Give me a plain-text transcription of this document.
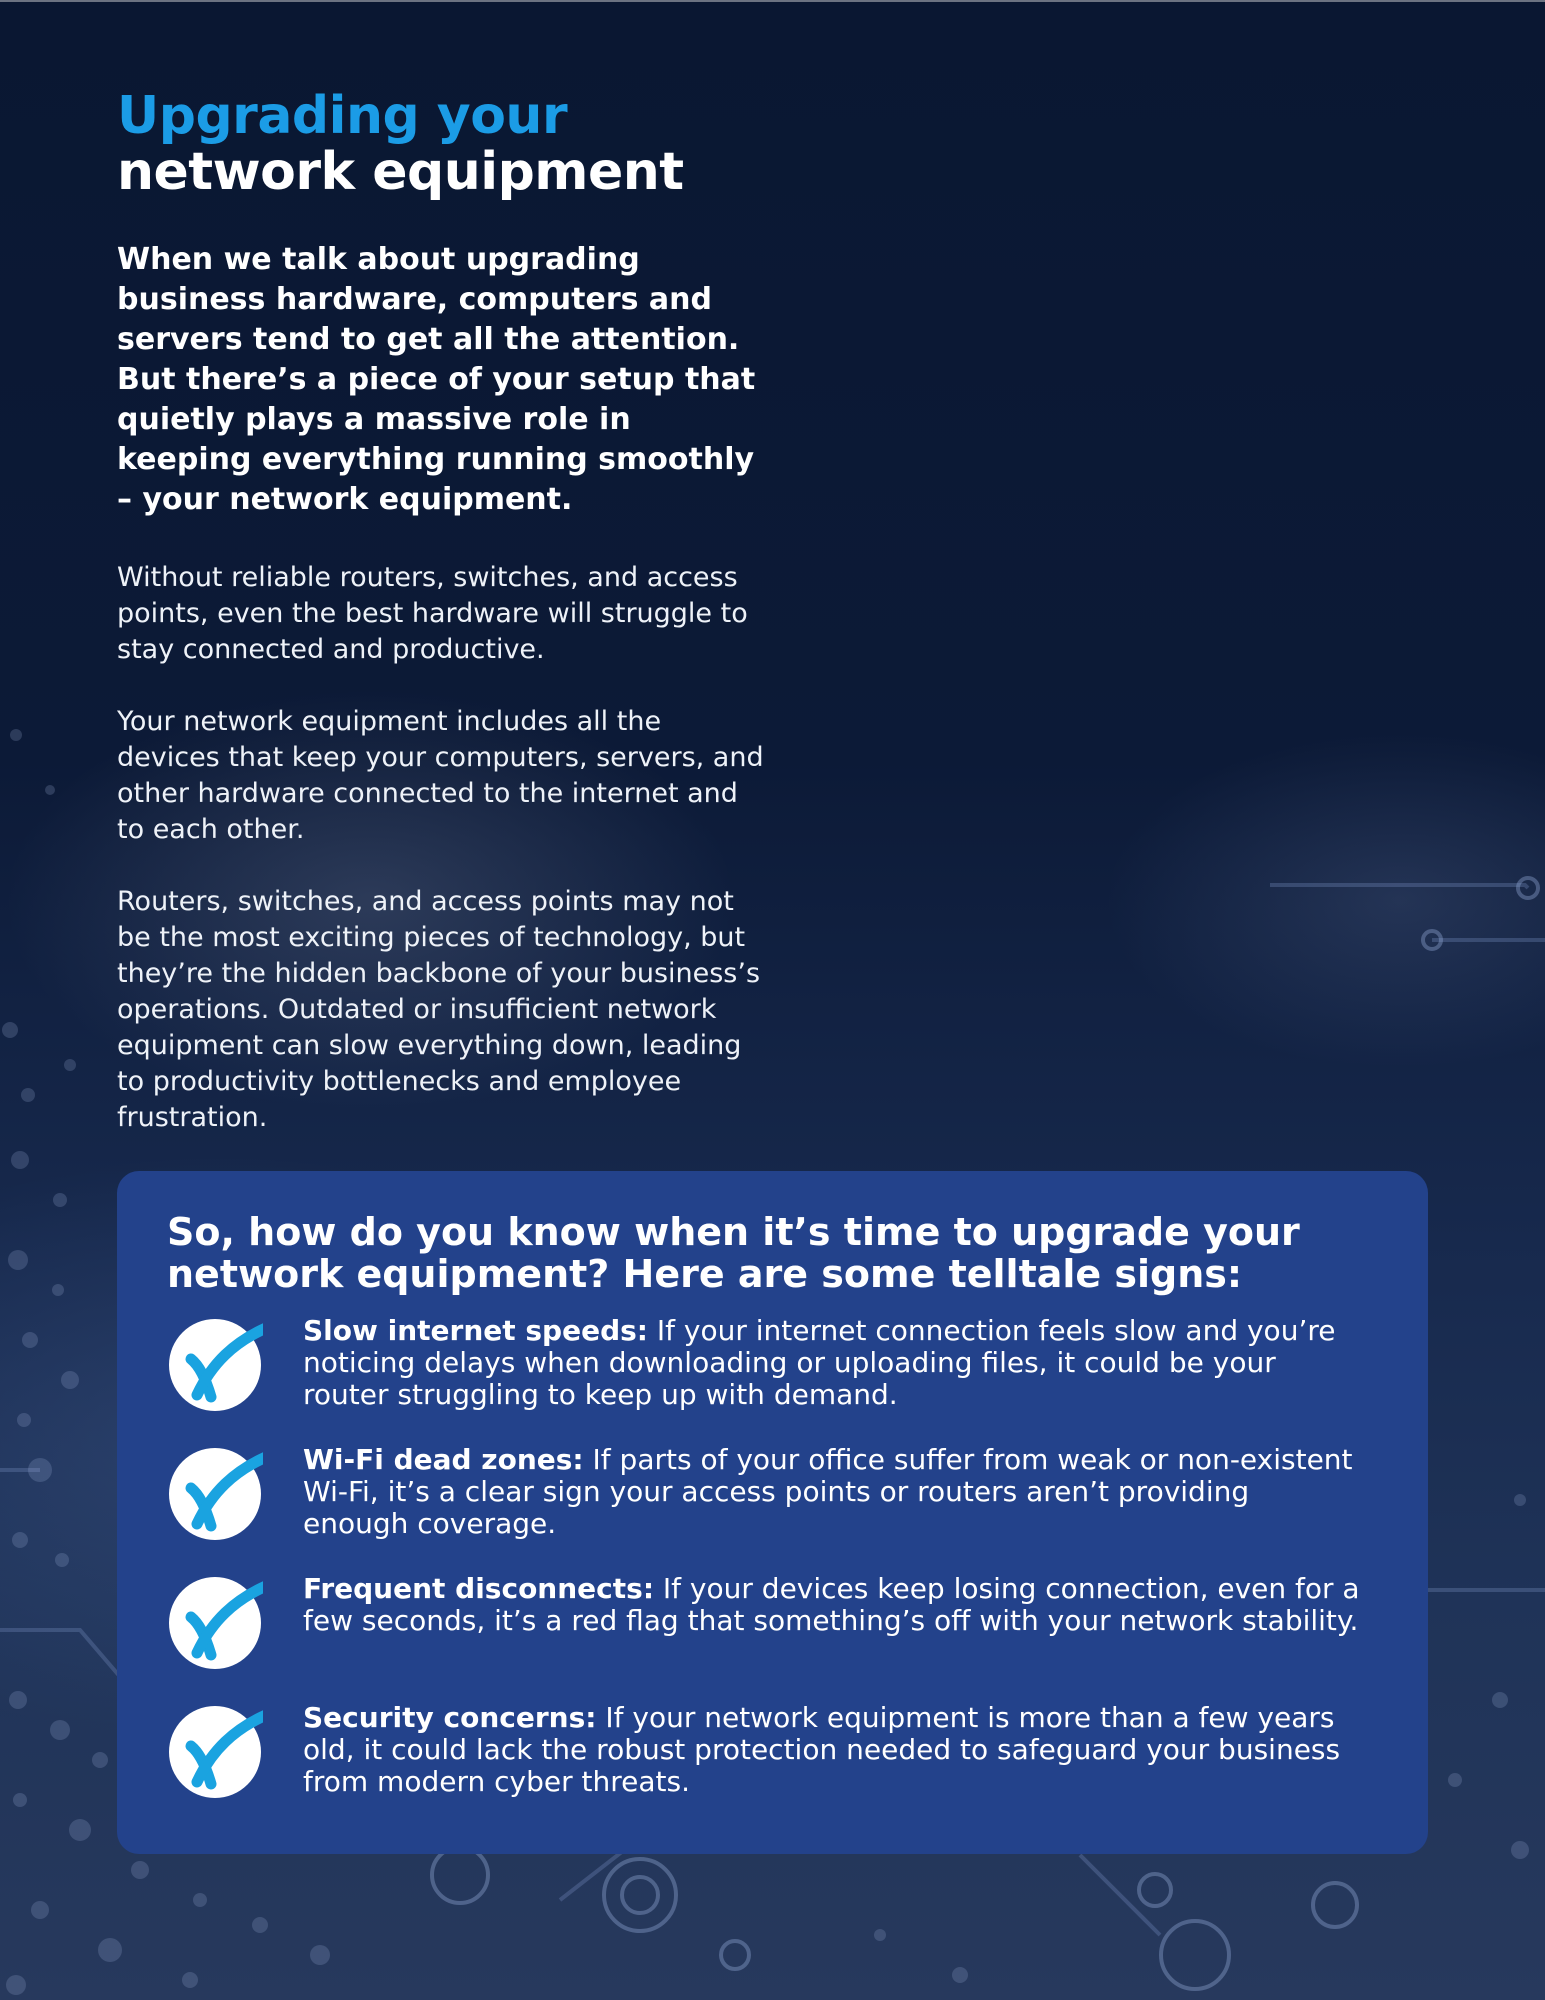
Upgrading your
network equipment

When we talk about upgrading business hardware, computers and servers tend to get all the attention. But there’s a piece of your setup that quietly plays a massive role in keeping everything running smoothly – your network equipment.

Without reliable routers, switches, and access points, even the best hardware will struggle to stay connected and productive.

Your network equipment includes all the devices that keep your computers, servers, and other hardware connected to the internet and to each other.

Routers, switches, and access points may not be the most exciting pieces of technology, but they’re the hidden backbone of your business’s operations. Outdated or insufficient network equipment can slow everything down, leading to productivity bottlenecks and employee frustration.

So, how do you know when it’s time to upgrade your network equipment? Here are some telltale signs:

Slow internet speeds: If your internet connection feels slow and you’re noticing delays when downloading or uploading files, it could be your router struggling to keep up with demand.

Wi-Fi dead zones: If parts of your office suffer from weak or non-existent Wi-Fi, it’s a clear sign your access points or routers aren’t providing enough coverage.

Frequent disconnects: If your devices keep losing connection, even for a few seconds, it’s a red flag that something’s off with your network stability.

Security concerns: If your network equipment is more than a few years old, it could lack the robust protection needed to safeguard your business from modern cyber threats.
